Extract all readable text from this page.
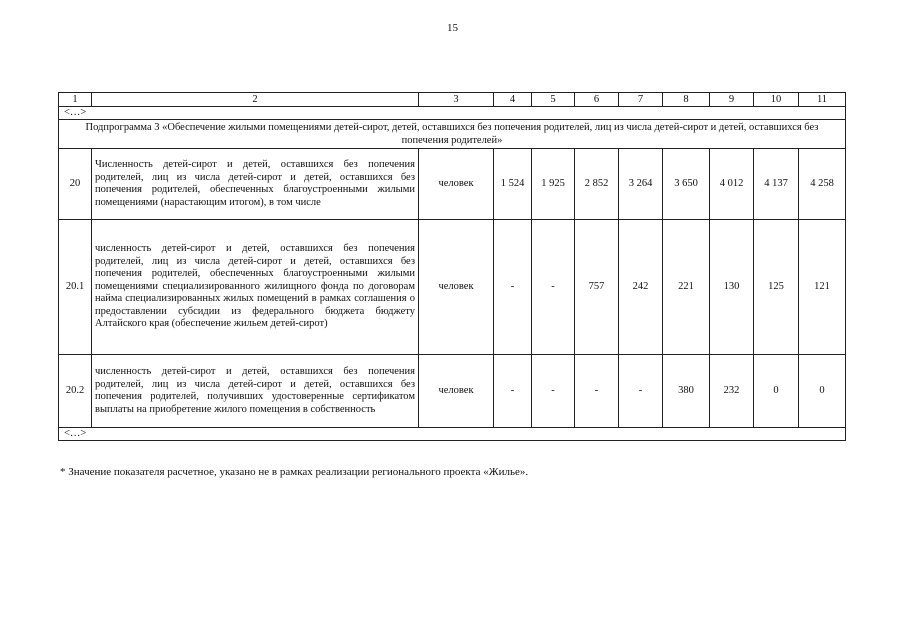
15
1	2	3	4	5	6	7	8	9	10	11
<…>										
Подпрограмма 3 «Обеспечение жилыми помещениями детей-сирот, детей, оставшихся без попечения родителей, лиц из числа детей-сирот и детей, оставшихся без попечения родителей»										
20	Численность детей-сирот и детей, оставшихся без попечения родителей, лиц из числа детей-сирот и детей, оставшихся без попечения родителей, обеспеченных благоустроенными жилыми помещениями (нарастающим итогом), в том числе	человек	1 524	1 925	2 852	3 264	3 650	4 012	4 137	4 258
20.1	численность детей-сирот и детей, оставшихся без попечения родителей, лиц из числа детей-сирот и детей, оставшихся без попечения родителей, обеспеченных благоустроенными жилыми помещениями специализированного жилищного фонда по договорам найма специализированных жилых помещений в рамках соглашения о предоставлении субсидии из федерального бюджета бюджету Алтайского края (обеспечение жильем детей-сирот)	человек	-	-	757	242	221	130	125	121
20.2	численность детей-сирот и детей, оставшихся без попечения родителей, лиц из числа детей-сирот и детей, оставшихся без попечения родителей, получивших удостоверенные сертификатом выплаты на приобретение жилого помещения в собственность	человек	-	-	-	-	380	232	0	0
<…>										
* Значение показателя расчетное, указано не в рамках реализации регионального проекта «Жилье».
